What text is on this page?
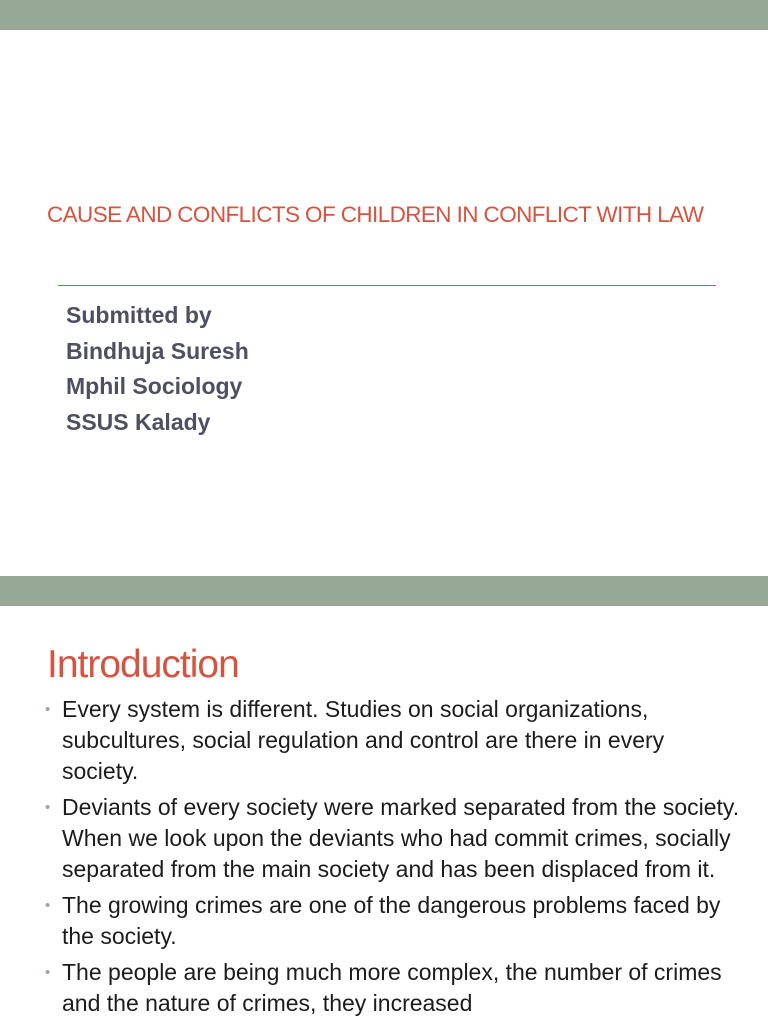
CAUSE AND CONFLICTS OF CHILDREN IN CONFLICT WITH LAW
Submitted by
Bindhuja Suresh
Mphil Sociology
SSUS Kalady
Introduction
• Every system is different. Studies on social organizations, subcultures, social regulation and control are there in every society.
• Deviants of every society were marked separated from the society. When we look upon the deviants who had commit crimes, socially separated from the main society and has been displaced from it.
• The growing crimes are one of the dangerous problems faced by the society.
• The people are being much more complex, the number of crimes and the nature of crimes, they increased
